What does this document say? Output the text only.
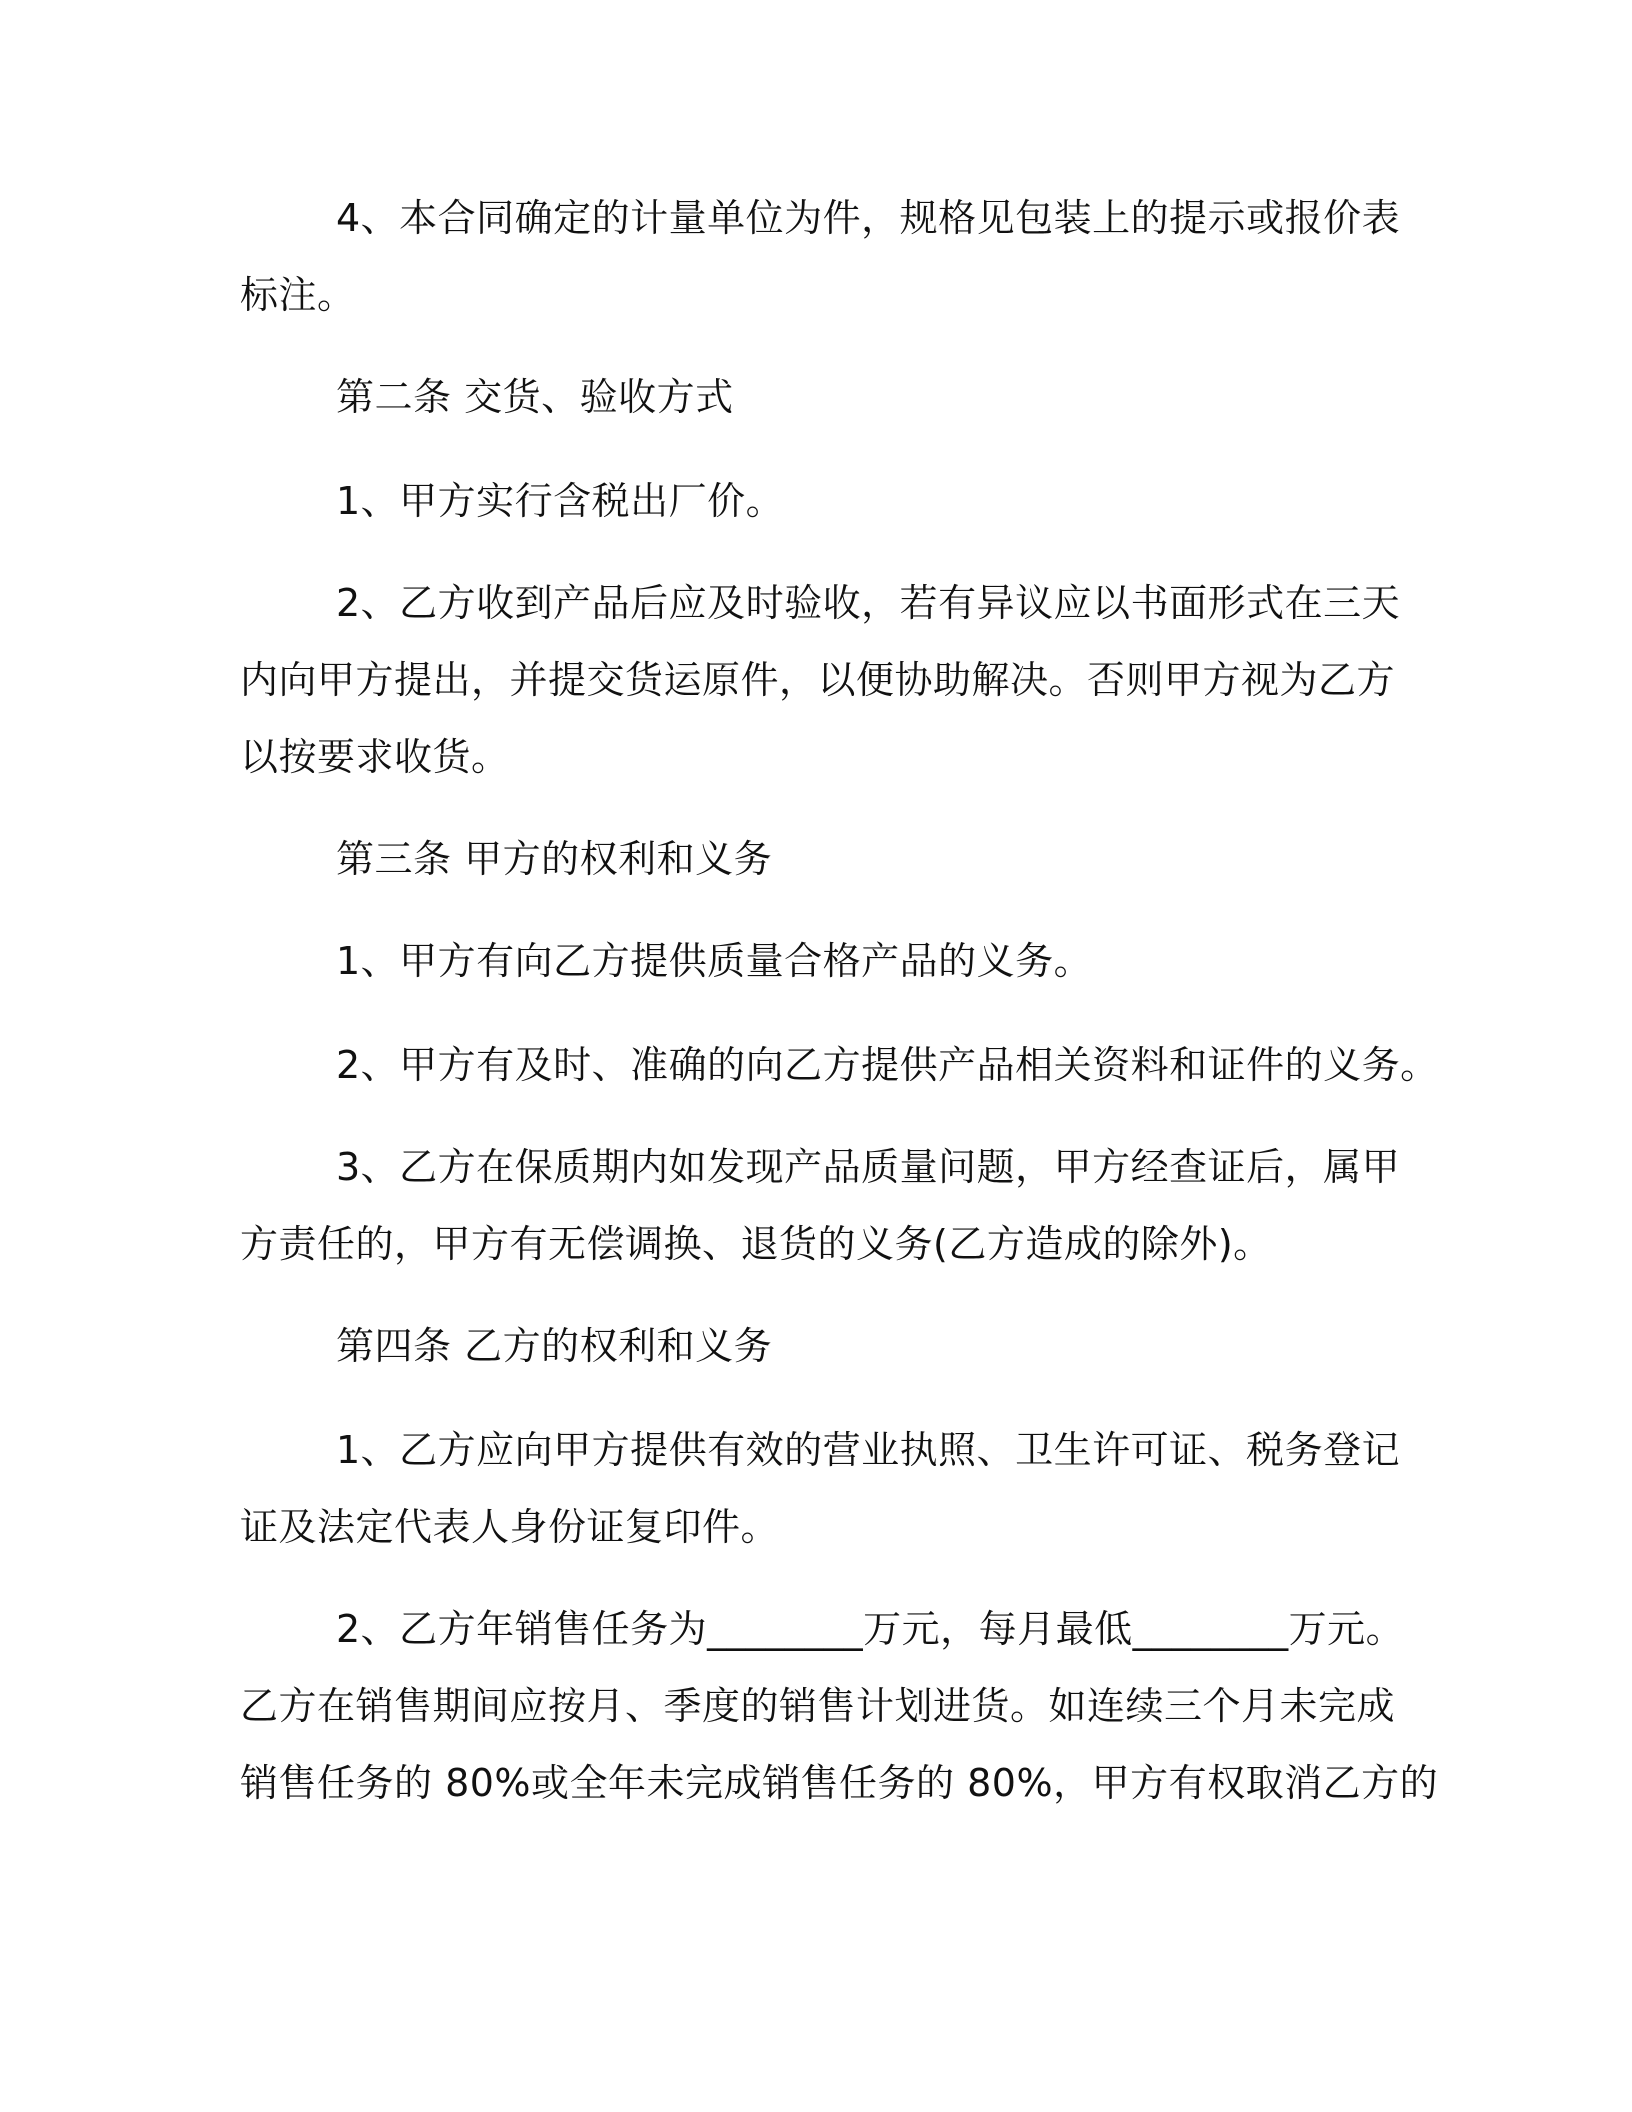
4、本合同确定的计量单位为件，规格见包装上的提示或报价表
标注。
第二条 交货、验收方式
1、甲方实行含税出厂价。
2、乙方收到产品后应及时验收，若有异议应以书面形式在三天
内向甲方提出，并提交货运原件，以便协助解决。否则甲方视为乙方
以按要求收货。
第三条 甲方的权利和义务
1、甲方有向乙方提供质量合格产品的义务。
2、甲方有及时、准确的向乙方提供产品相关资料和证件的义务。
3、乙方在保质期内如发现产品质量问题，甲方经查证后，属甲
方责任的，甲方有无偿调换、退货的义务(乙方造成的除外)。
第四条 乙方的权利和义务
1、乙方应向甲方提供有效的营业执照、卫生许可证、税务登记
证及法定代表人身份证复印件。
2、乙方年销售任务为________万元，每月最低________万元。
乙方在销售期间应按月、季度的销售计划进货。如连续三个月未完成
销售任务的 80%或全年未完成销售任务的 80%，甲方有权取消乙方的
